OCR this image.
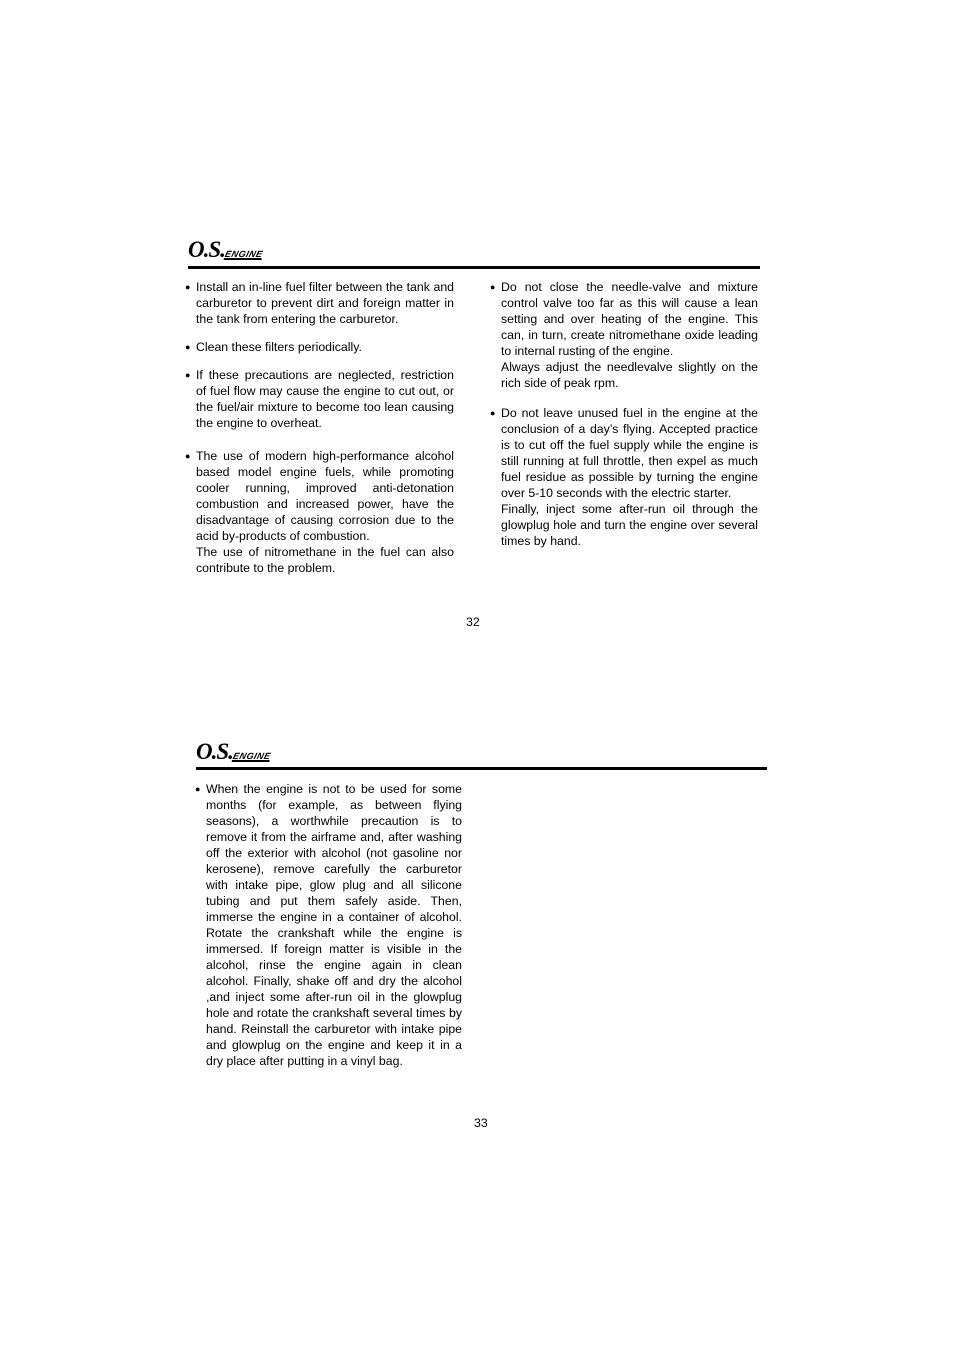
O.S.ENGINE
● Install an in-line fuel filter between the tank and carburetor to prevent dirt and foreign matter in the tank from entering the carburetor.

● Clean these filters periodically.

● If these precautions are neglected, restriction of fuel flow may cause the engine to cut out, or the fuel/air mixture to become too lean causing the engine to overheat.

● The use of modern high-performance alcohol based model engine fuels, while promoting cooler running, improved anti-detonation combustion and increased power, have the disadvantage of causing corrosion due to the acid by-products of combustion.

The use of nitromethane in the fuel can also contribute to the problem.

● Do not close the needle-valve and mixture control valve too far as this will cause a lean setting and over heating of the engine. This can, in turn, create nitromethane oxide leading to internal rusting of the engine.

Always adjust the needlevalve slightly on the rich side of peak rpm.

● Do not leave unused fuel in the engine at the conclusion of a day’s flying. Accepted practice is to cut off the fuel supply while the engine is still running at full throttle, then expel as much fuel residue as possible by turning the engine over 5-10 seconds with the electric starter.

Finally, inject some after-run oil through the glowplug hole and turn the engine over several times by hand.

32
O.S.ENGINE
● When the engine is not to be used for some months (for example, as between flying seasons), a worthwhile precaution is to remove it from the airframe and, after washing off the exterior with alcohol (not gasoline nor kerosene), remove carefully the carburetor with intake pipe, glow plug and all silicone tubing and put them safely aside. Then, immerse the engine in a container of alcohol. Rotate the crankshaft while the engine is immersed. If foreign matter is visible in the alcohol, rinse the engine again in clean alcohol. Finally, shake off and dry the alcohol ,and inject some after-run oil in the glowplug hole and rotate the crankshaft several times by hand. Reinstall the carburetor with intake pipe and glowplug on the engine and keep it in a dry place after putting in a vinyl bag.

33
